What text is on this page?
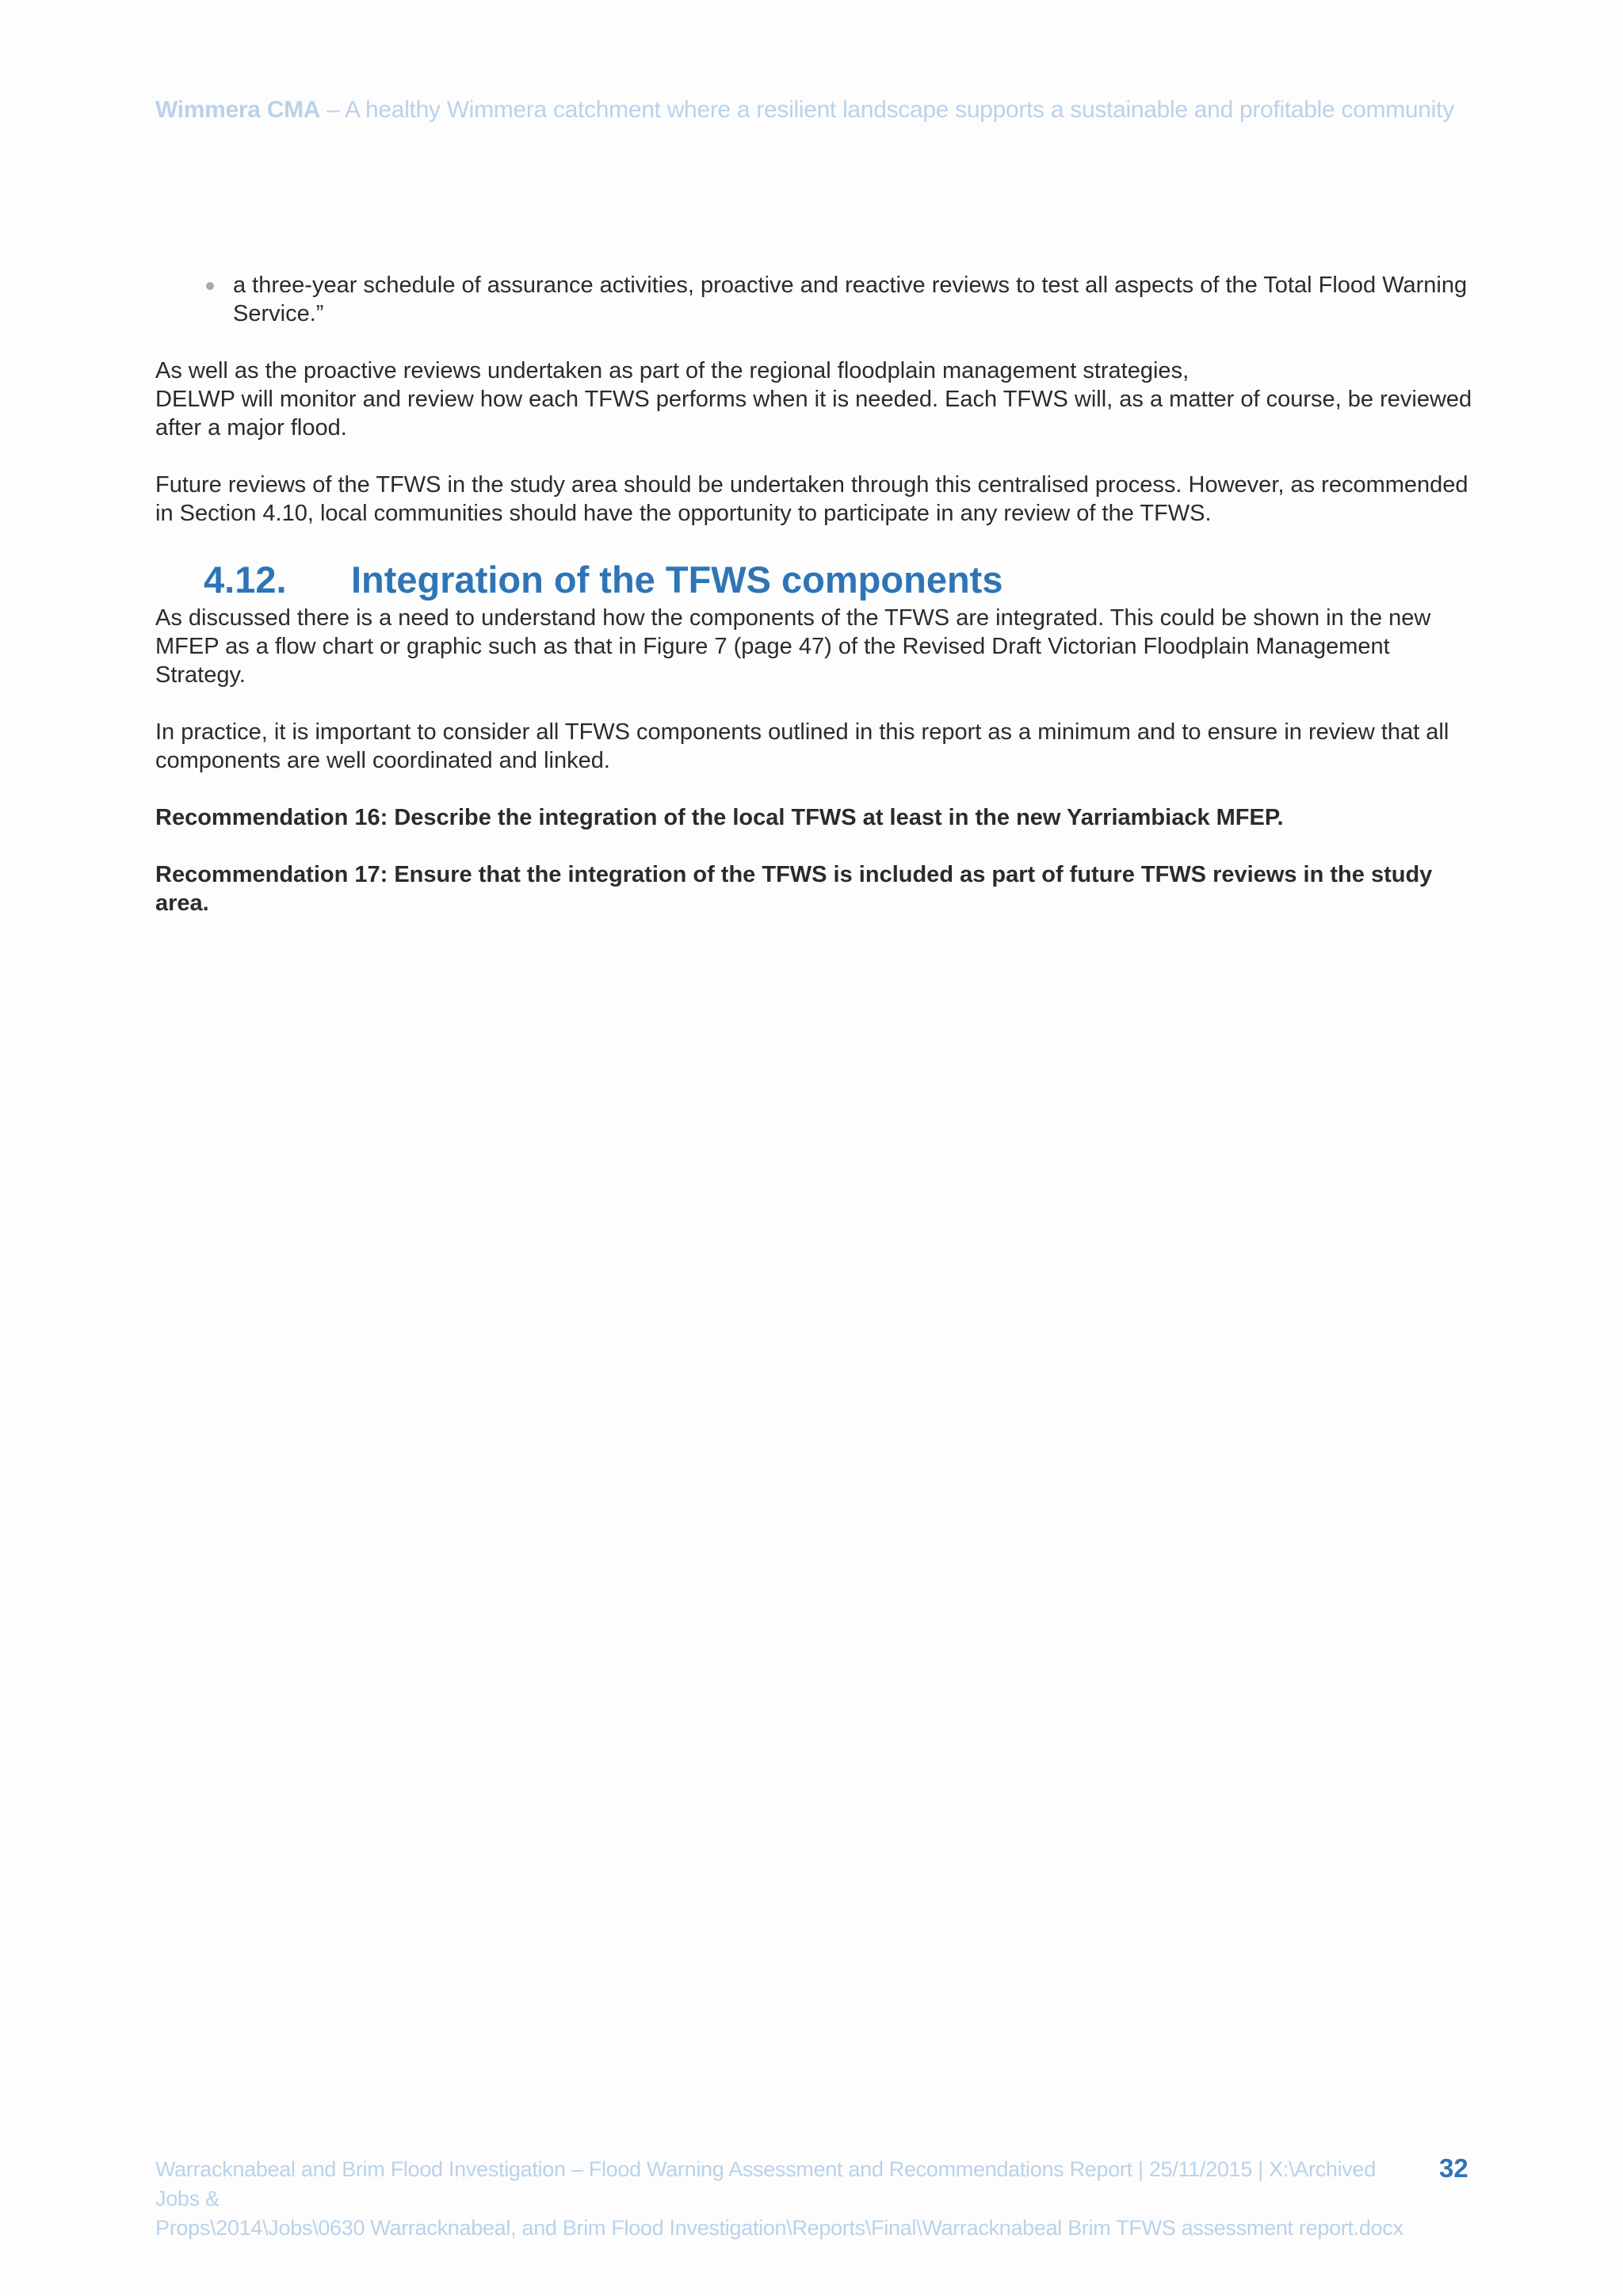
Wimmera CMA – A healthy Wimmera catchment where a resilient landscape supports a sustainable and profitable community
a three-year schedule of assurance activities, proactive and reactive reviews to test all aspects of the Total Flood Warning Service.”

As well as the proactive reviews undertaken as part of the regional floodplain management strategies,
DELWP will monitor and review how each TFWS performs when it is needed. Each TFWS will, as a matter of course, be reviewed after a major flood.

Future reviews of the TFWS in the study area should be undertaken through this centralised process. However, as recommended in Section 4.10, local communities should have the opportunity to participate in any review of the TFWS.

4.12.	Integration of the TFWS components

As discussed there is a need to understand how the components of the TFWS are integrated. This could be shown in the new MFEP as a flow chart or graphic such as that in Figure 7 (page 47) of the Revised Draft Victorian Floodplain Management Strategy.

In practice, it is important to consider all TFWS components outlined in this report as a minimum and to ensure in review that all components are well coordinated and linked.

Recommendation 16: Describe the integration of the local TFWS at least in the new Yarriambiack MFEP.

Recommendation 17: Ensure that the integration of the TFWS is included as part of future TFWS reviews in the study area.

Warracknabeal and Brim Flood Investigation – Flood Warning Assessment and Recommendations Report | 25/11/2015 | X:\Archived Jobs &
Props\2014\Jobs\0630 Warracknabeal, and Brim Flood Investigation\Reports\Final\Warracknabeal Brim TFWS assessment report.docx
32
